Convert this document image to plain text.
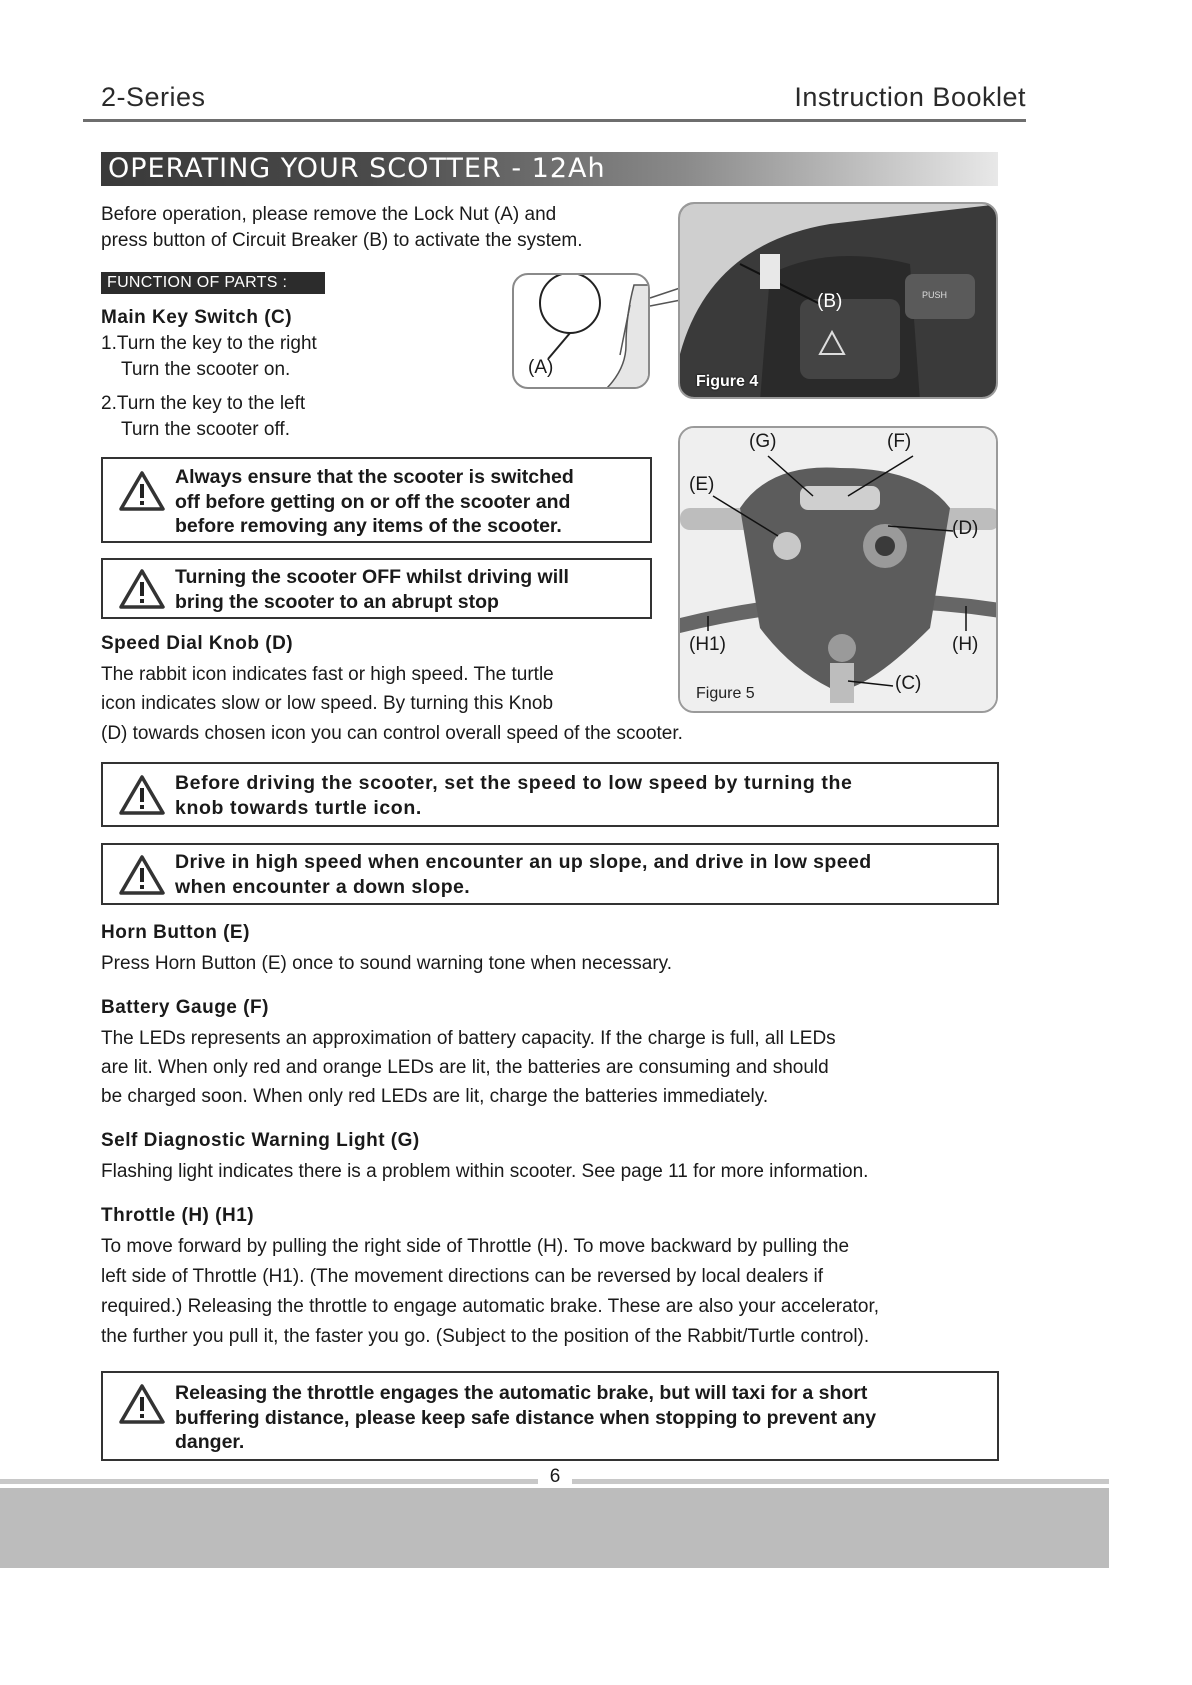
2-Series	Instruction Booklet
OPERATING YOUR SCOTTER - 12Ah
Before operation, please remove the Lock Nut (A) and
press button of Circuit Breaker (B) to activate the system.
FUNCTION OF PARTS :
Main Key Switch (C)
1.Turn the key to the right
Turn the scooter on.
2.Turn the key to the left
Turn the scooter off.
Always ensure that the scooter is switched
off before getting on or off the scooter and
before removing any items of the scooter.
Turning the scooter OFF whilst driving will
bring the scooter to an abrupt stop
Speed Dial Knob (D)
The rabbit icon indicates fast or high speed. The turtle
icon indicates slow or low speed. By turning this Knob
(D) towards chosen icon you can control overall speed of the scooter.
Before driving the scooter, set the speed to low speed by turning the
knob towards turtle icon.
Drive in high speed when encounter an up slope, and drive in low speed
when encounter a down slope.
Horn Button (E)
Press Horn Button (E) once to sound warning tone when necessary.
Battery Gauge (F)
The LEDs represents an approximation of battery capacity. If the charge is full, all LEDs
are lit. When only red and orange LEDs are lit, the batteries are consuming and should
be charged soon. When only red LEDs are lit, charge the batteries immediately.
Self Diagnostic Warning Light (G)
Flashing light indicates there is a problem within scooter. See page 11 for more information.
Throttle (H) (H1)
To move forward by pulling the right side of Throttle (H). To move backward by pulling the
left side of Throttle (H1). (The movement directions can be reversed by local dealers if
required.) Releasing the throttle to engage automatic brake. These are also your accelerator,
the further you pull it, the faster you go. (Subject to the position of the Rabbit/Turtle control).
Releasing the throttle engages the automatic brake, but will taxi for a short
buffering distance, please keep safe distance when stopping to prevent any
danger.
(A)
PUSH
(B)
Figure 4
(G)	(F)
(E)
(D)
(H1)	(H)
(C)
Figure 5
6
